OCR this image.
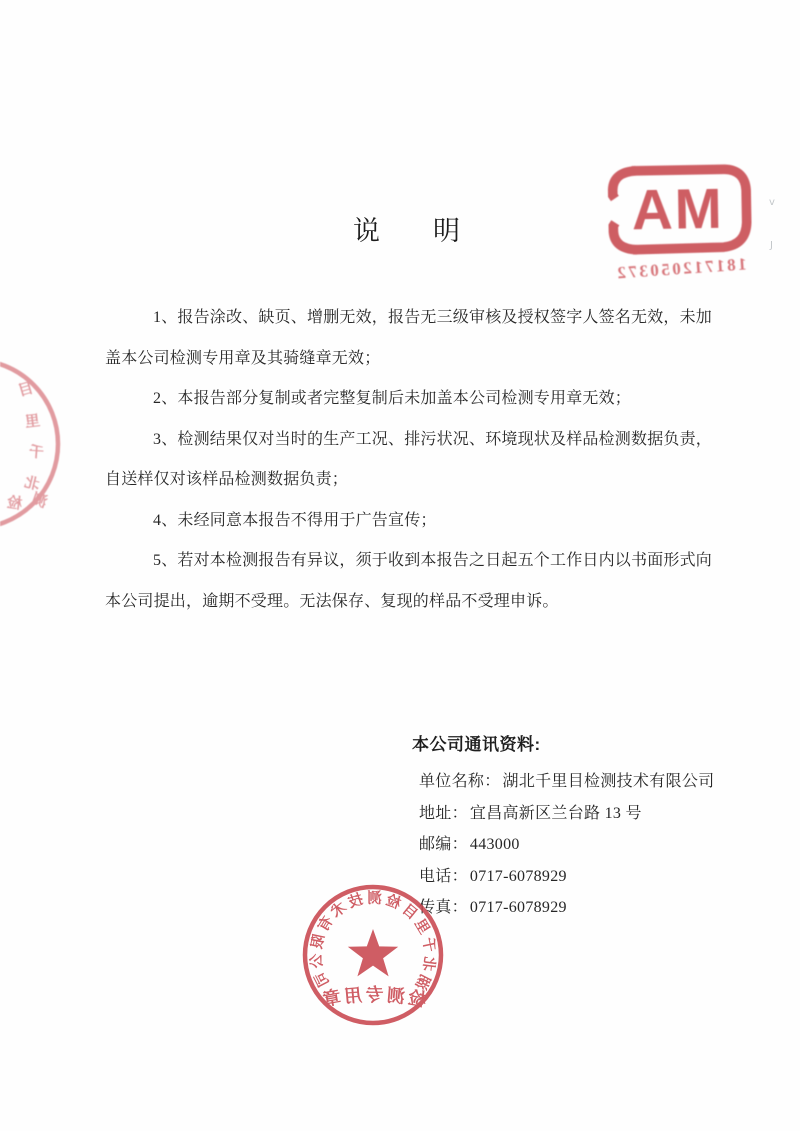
说 明

1、报告涂改、缺页、增删无效，报告无三级审核及授权签字人签名无效，未加盖本公司检测专用章及其骑缝章无效；

2、本报告部分复制或者完整复制后未加盖本公司检测专用章无效；

3、检测结果仅对当时的生产工况、排污状况、环境现状及样品检测数据负责，自送样仅对该样品检测数据负责；

4、未经同意本报告不得用于广告宣传；

5、若对本检测报告有异议，须于收到本报告之日起五个工作日内以书面形式向本公司提出，逾期不受理。无法保存、复现的样品不受理申诉。

本公司通讯资料:
单位名称： 湖北千里目检测技术有限公司
地址： 宜昌高新区兰台路 13 号
邮编： 443000
电话： 0717-6078929
传真： 0717-6078929
MA
181712050372
湖北千里目检测技术有限公司
检测专用章
目
里
千
北
检 测
v
J
